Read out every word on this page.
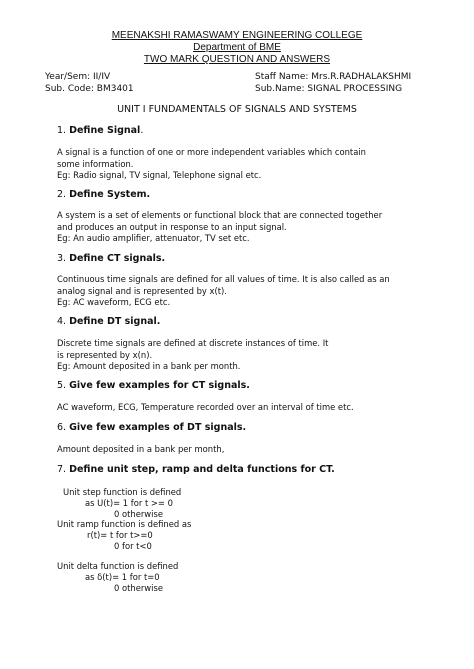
MEENAKSHI RAMASWAMY ENGINEERING COLLEGE
Department of BME
TWO MARK QUESTION AND ANSWERS
Year/Sem: II/IV
Sub. Code: BM3401
Staff Name: Mrs.R.RADHALAKSHMI
Sub.Name: SIGNAL PROCESSING
UNIT I FUNDAMENTALS OF SIGNALS AND SYSTEMS
1. Define Signal.
A signal is a function of one or more independent variables which contain
some information.
Eg: Radio signal, TV signal, Telephone signal etc.
2. Define System.
A system is a set of elements or functional block that are connected together
and produces an output in response to an input signal.
Eg: An audio amplifier, attenuator, TV set etc.
3. Define CT signals.
Continuous time signals are defined for all values of time. It is also called as an
analog signal and is represented by x(t).
Eg: AC waveform, ECG etc.
4. Define DT signal.
Discrete time signals are defined at discrete instances of time. It
is represented by x(n).
Eg: Amount deposited in a bank per month.
5. Give few examples for CT signals.
AC waveform, ECG, Temperature recorded over an interval of time etc.
6. Give few examples of DT signals.
Amount deposited in a bank per month,
7. Define unit step, ramp and delta functions for CT.
Unit step function is defined
as U(t)= 1 for t >= 0
0 otherwise
Unit ramp function is defined as
r(t)= t for t>=0
0 for t<0
Unit delta function is defined
as δ(t)= 1 for t=0
0 otherwise
